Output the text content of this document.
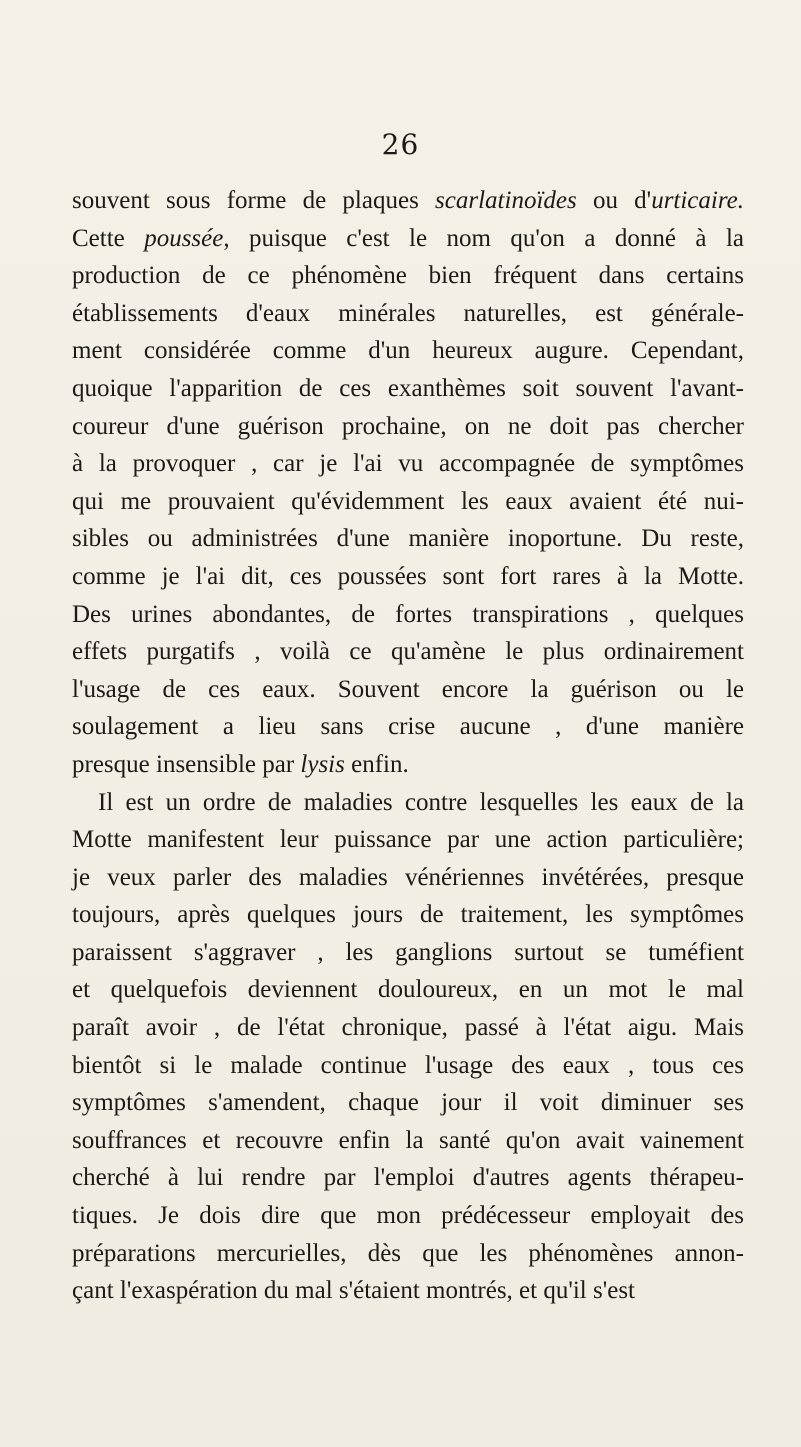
26
souvent sous forme de plaques scarlatinoïdes ou d'urticaire.
Cette poussée, puisque c'est le nom qu'on a donné à la
production de ce phénomène bien fréquent dans certains
établissements d'eaux minérales naturelles, est générale-
ment considérée comme d'un heureux augure. Cependant,
quoique l'apparition de ces exanthèmes soit souvent l'avant-
coureur d'une guérison prochaine, on ne doit pas chercher
à la provoquer , car je l'ai vu accompagnée de symptômes
qui me prouvaient qu'évidemment les eaux avaient été nui-
sibles ou administrées d'une manière inoportune. Du reste,
comme je l'ai dit, ces poussées sont fort rares à la Motte.
Des urines abondantes, de fortes transpirations , quelques
effets purgatifs , voilà ce qu'amène le plus ordinairement
l'usage de ces eaux. Souvent encore la guérison ou le
soulagement a lieu sans crise aucune , d'une manière
presque insensible par lysis enfin.
Il est un ordre de maladies contre lesquelles les eaux de la
Motte manifestent leur puissance par une action particulière;
je veux parler des maladies vénériennes invétérées, presque
toujours, après quelques jours de traitement, les symptômes
paraissent s'aggraver , les ganglions surtout se tuméfient
et quelquefois deviennent douloureux, en un mot le mal
paraît avoir , de l'état chronique, passé à l'état aigu. Mais
bientôt si le malade continue l'usage des eaux , tous ces
symptômes s'amendent, chaque jour il voit diminuer ses
souffrances et recouvre enfin la santé qu'on avait vainement
cherché à lui rendre par l'emploi d'autres agents thérapeu-
tiques. Je dois dire que mon prédécesseur employait des
préparations mercurielles, dès que les phénomènes annon-
çant l'exaspération du mal s'étaient montrés, et qu'il s'est
